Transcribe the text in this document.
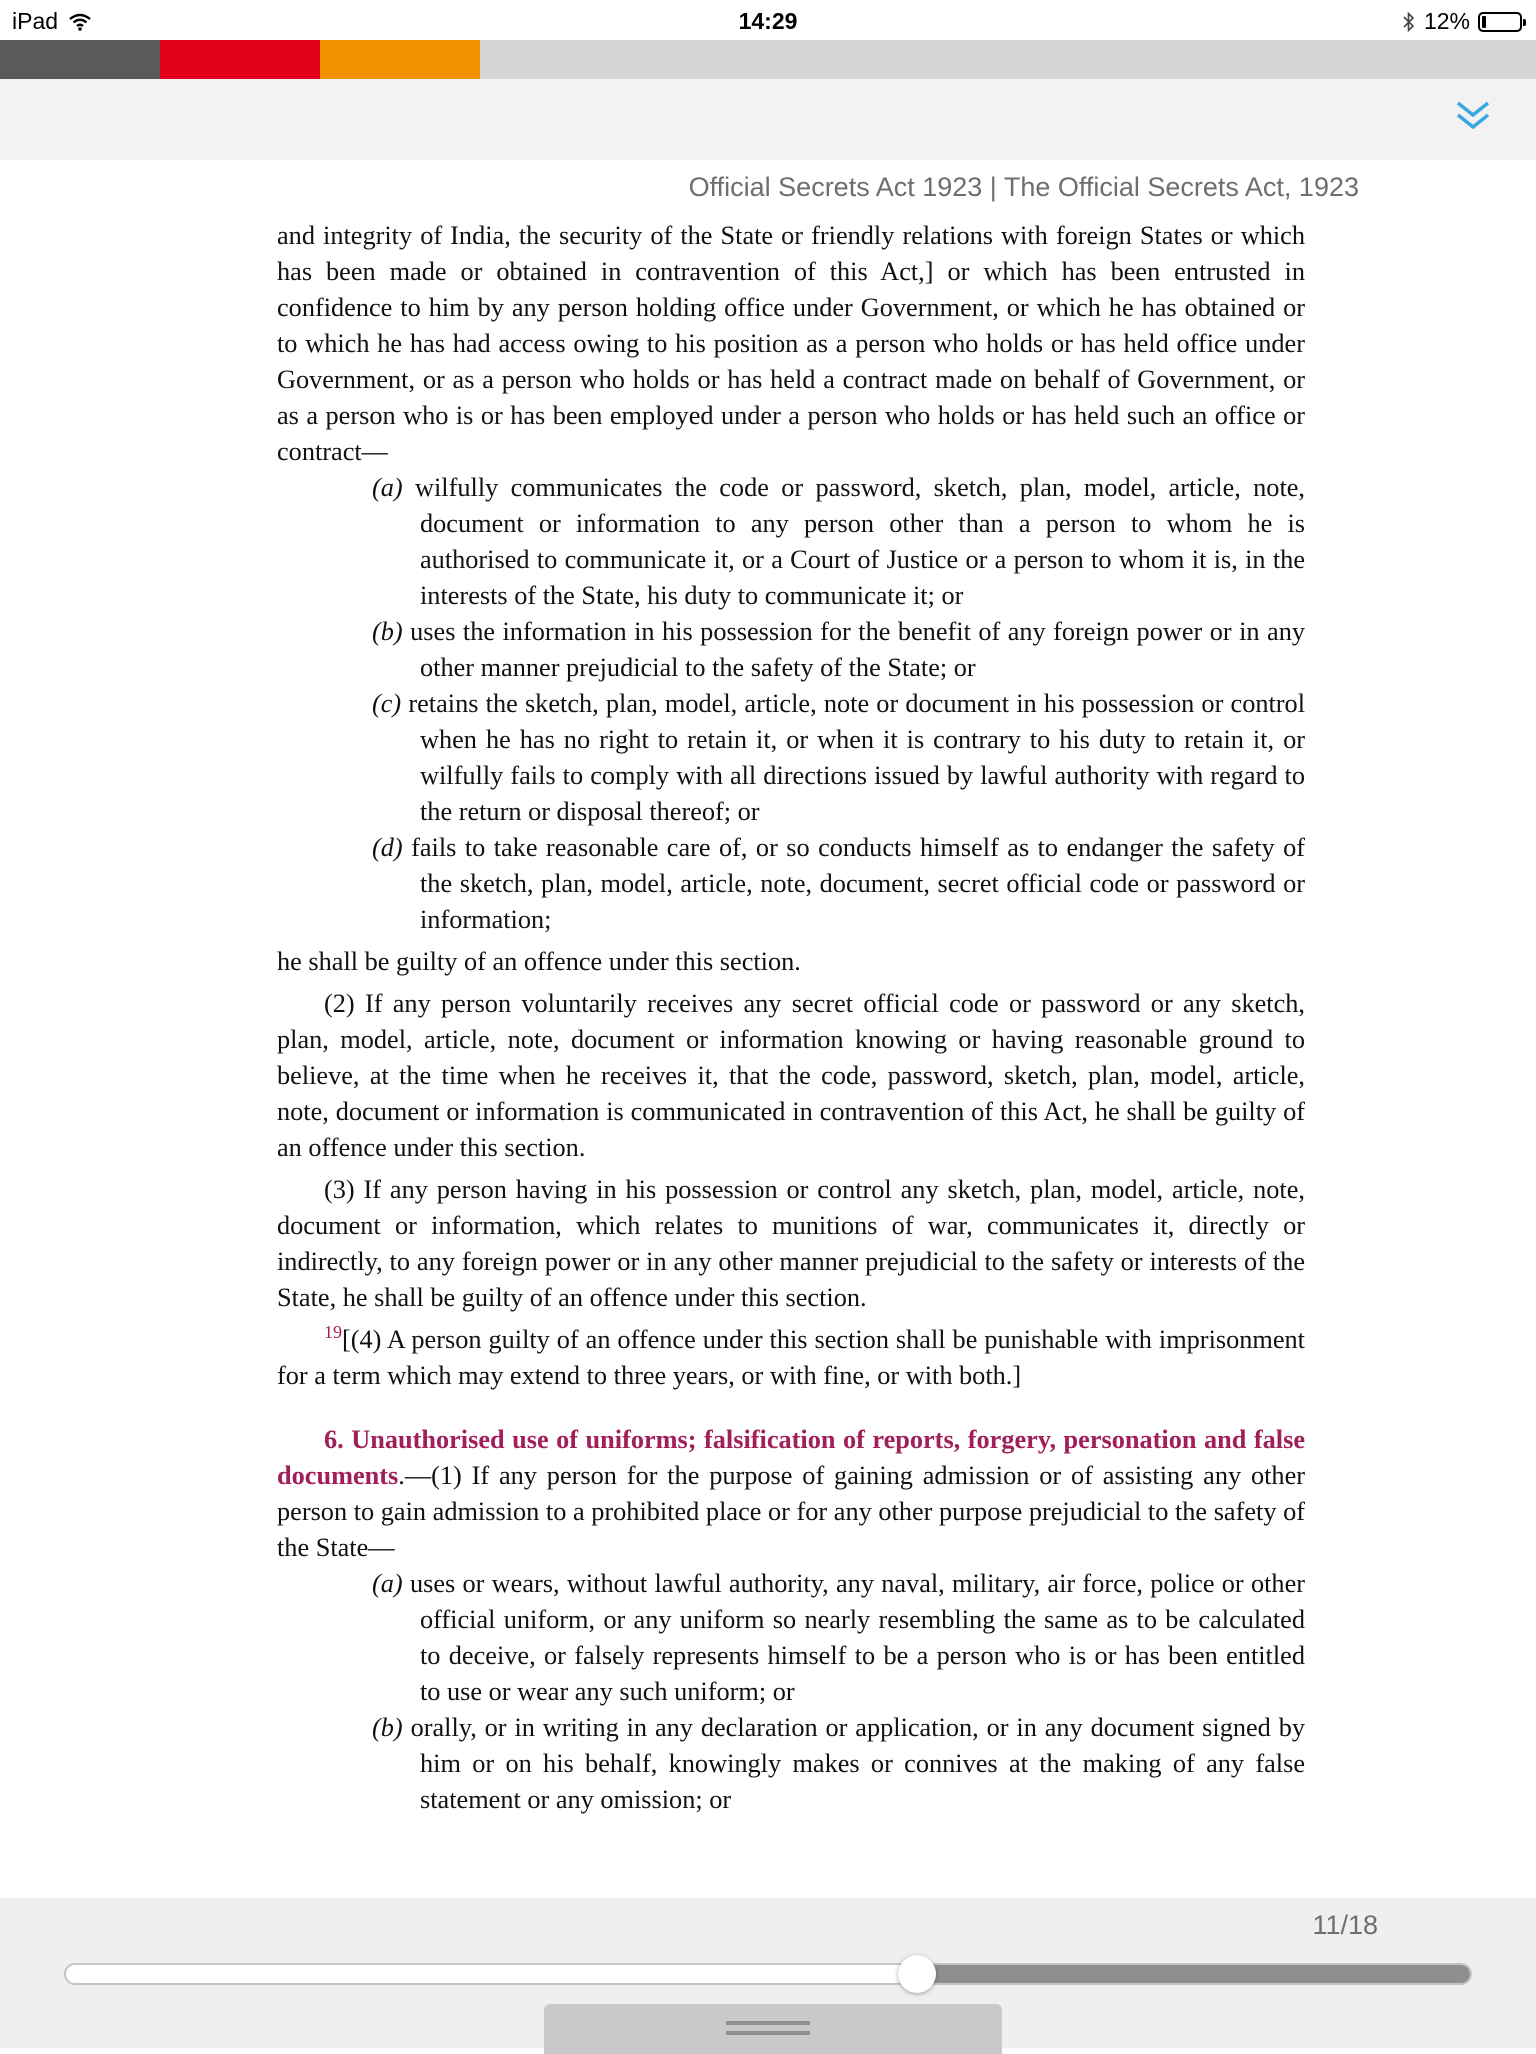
iPad	14:29	12%
Official Secrets Act 1923 | The Official Secrets Act, 1923

and integrity of India, the security of the State or friendly relations with foreign States or which has been made or obtained in contravention of this Act,] or which has been entrusted in confidence to him by any person holding office under Government, or which he has obtained or to which he has had access owing to his position as a person who holds or has held office under Government, or as a person who holds or has held a contract made on behalf of Government, or as a person who is or has been employed under a person who holds or has held such an office or contract—

(a) wilfully communicates the code or password, sketch, plan, model, article, note, document or information to any person other than a person to whom he is authorised to communicate it, or a Court of Justice or a person to whom it is, in the interests of the State, his duty to communicate it; or

(b) uses the information in his possession for the benefit of any foreign power or in any other manner prejudicial to the safety of the State; or

(c) retains the sketch, plan, model, article, note or document in his possession or control when he has no right to retain it, or when it is contrary to his duty to retain it, or wilfully fails to comply with all directions issued by lawful authority with regard to the return or disposal thereof; or

(d) fails to take reasonable care of, or so conducts himself as to endanger the safety of the sketch, plan, model, article, note, document, secret official code or password or information;

he shall be guilty of an offence under this section.

(2) If any person voluntarily receives any secret official code or password or any sketch, plan, model, article, note, document or information knowing or having reasonable ground to believe, at the time when he receives it, that the code, password, sketch, plan, model, article, note, document or information is communicated in contravention of this Act, he shall be guilty of an offence under this section.

(3) If any person having in his possession or control any sketch, plan, model, article, note, document or information, which relates to munitions of war, communicates it, directly or indirectly, to any foreign power or in any other manner prejudicial to the safety or interests of the State, he shall be guilty of an offence under this section.

$^{19}$[(4) A person guilty of an offence under this section shall be punishable with imprisonment for a term which may extend to three years, or with fine, or with both.]

6. Unauthorised use of uniforms; falsification of reports, forgery, personation and false documents.—(1) If any person for the purpose of gaining admission or of assisting any other person to gain admission to a prohibited place or for any other purpose prejudicial to the safety of the State—

(a) uses or wears, without lawful authority, any naval, military, air force, police or other official uniform, or any uniform so nearly resembling the same as to be calculated to deceive, or falsely represents himself to be a person who is or has been entitled to use or wear any such uniform; or

(b) orally, or in writing in any declaration or application, or in any document signed by him or on his behalf, knowingly makes or connives at the making of any false statement or any omission; or

11/18
